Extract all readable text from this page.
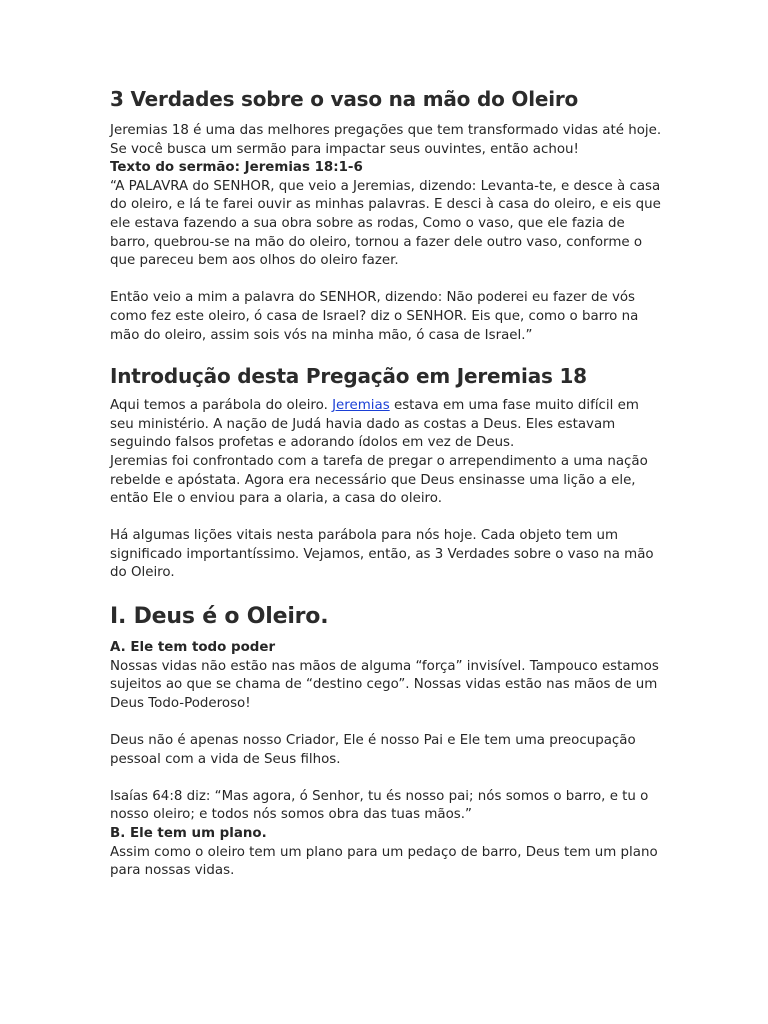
3 Verdades sobre o vaso na mão do Oleiro

Jeremias 18 é uma das melhores pregações que tem transformado vidas até hoje. Se você busca um sermão para impactar seus ouvintes, então achou!

Texto do sermão: Jeremias 18:1-6

“A PALAVRA do SENHOR, que veio a Jeremias, dizendo: Levanta-te, e desce à casa do oleiro, e lá te farei ouvir as minhas palavras. E desci à casa do oleiro, e eis que ele estava fazendo a sua obra sobre as rodas, Como o vaso, que ele fazia de barro, quebrou-se na mão do oleiro, tornou a fazer dele outro vaso, conforme o que pareceu bem aos olhos do oleiro fazer.

Então veio a mim a palavra do SENHOR, dizendo: Não poderei eu fazer de vós como fez este oleiro, ó casa de Israel? diz o SENHOR. Eis que, como o barro na mão do oleiro, assim sois vós na minha mão, ó casa de Israel.”

Introdução desta Pregação em Jeremias 18

Aqui temos a parábola do oleiro. Jeremias estava em uma fase muito difícil em seu ministério. A nação de Judá havia dado as costas a Deus. Eles estavam seguindo falsos profetas e adorando ídolos em vez de Deus.

Jeremias foi confrontado com a tarefa de pregar o arrependimento a uma nação rebelde e apóstata. Agora era necessário que Deus ensinasse uma lição a ele, então Ele o enviou para a olaria, a casa do oleiro.

Há algumas lições vitais nesta parábola para nós hoje. Cada objeto tem um significado importantíssimo. Vejamos, então, as 3 Verdades sobre o vaso na mão do Oleiro.

I. Deus é o Oleiro.

A. Ele tem todo poder

Nossas vidas não estão nas mãos de alguma “força” invisível. Tampouco estamos sujeitos ao que se chama de “destino cego”. Nossas vidas estão nas mãos de um Deus Todo-Poderoso!

Deus não é apenas nosso Criador, Ele é nosso Pai e Ele tem uma preocupação pessoal com a vida de Seus filhos.

Isaías 64:8 diz: “Mas agora, ó Senhor, tu és nosso pai; nós somos o barro, e tu o nosso oleiro; e todos nós somos obra das tuas mãos.”

B. Ele tem um plano.

Assim como o oleiro tem um plano para um pedaço de barro, Deus tem um plano para nossas vidas.
